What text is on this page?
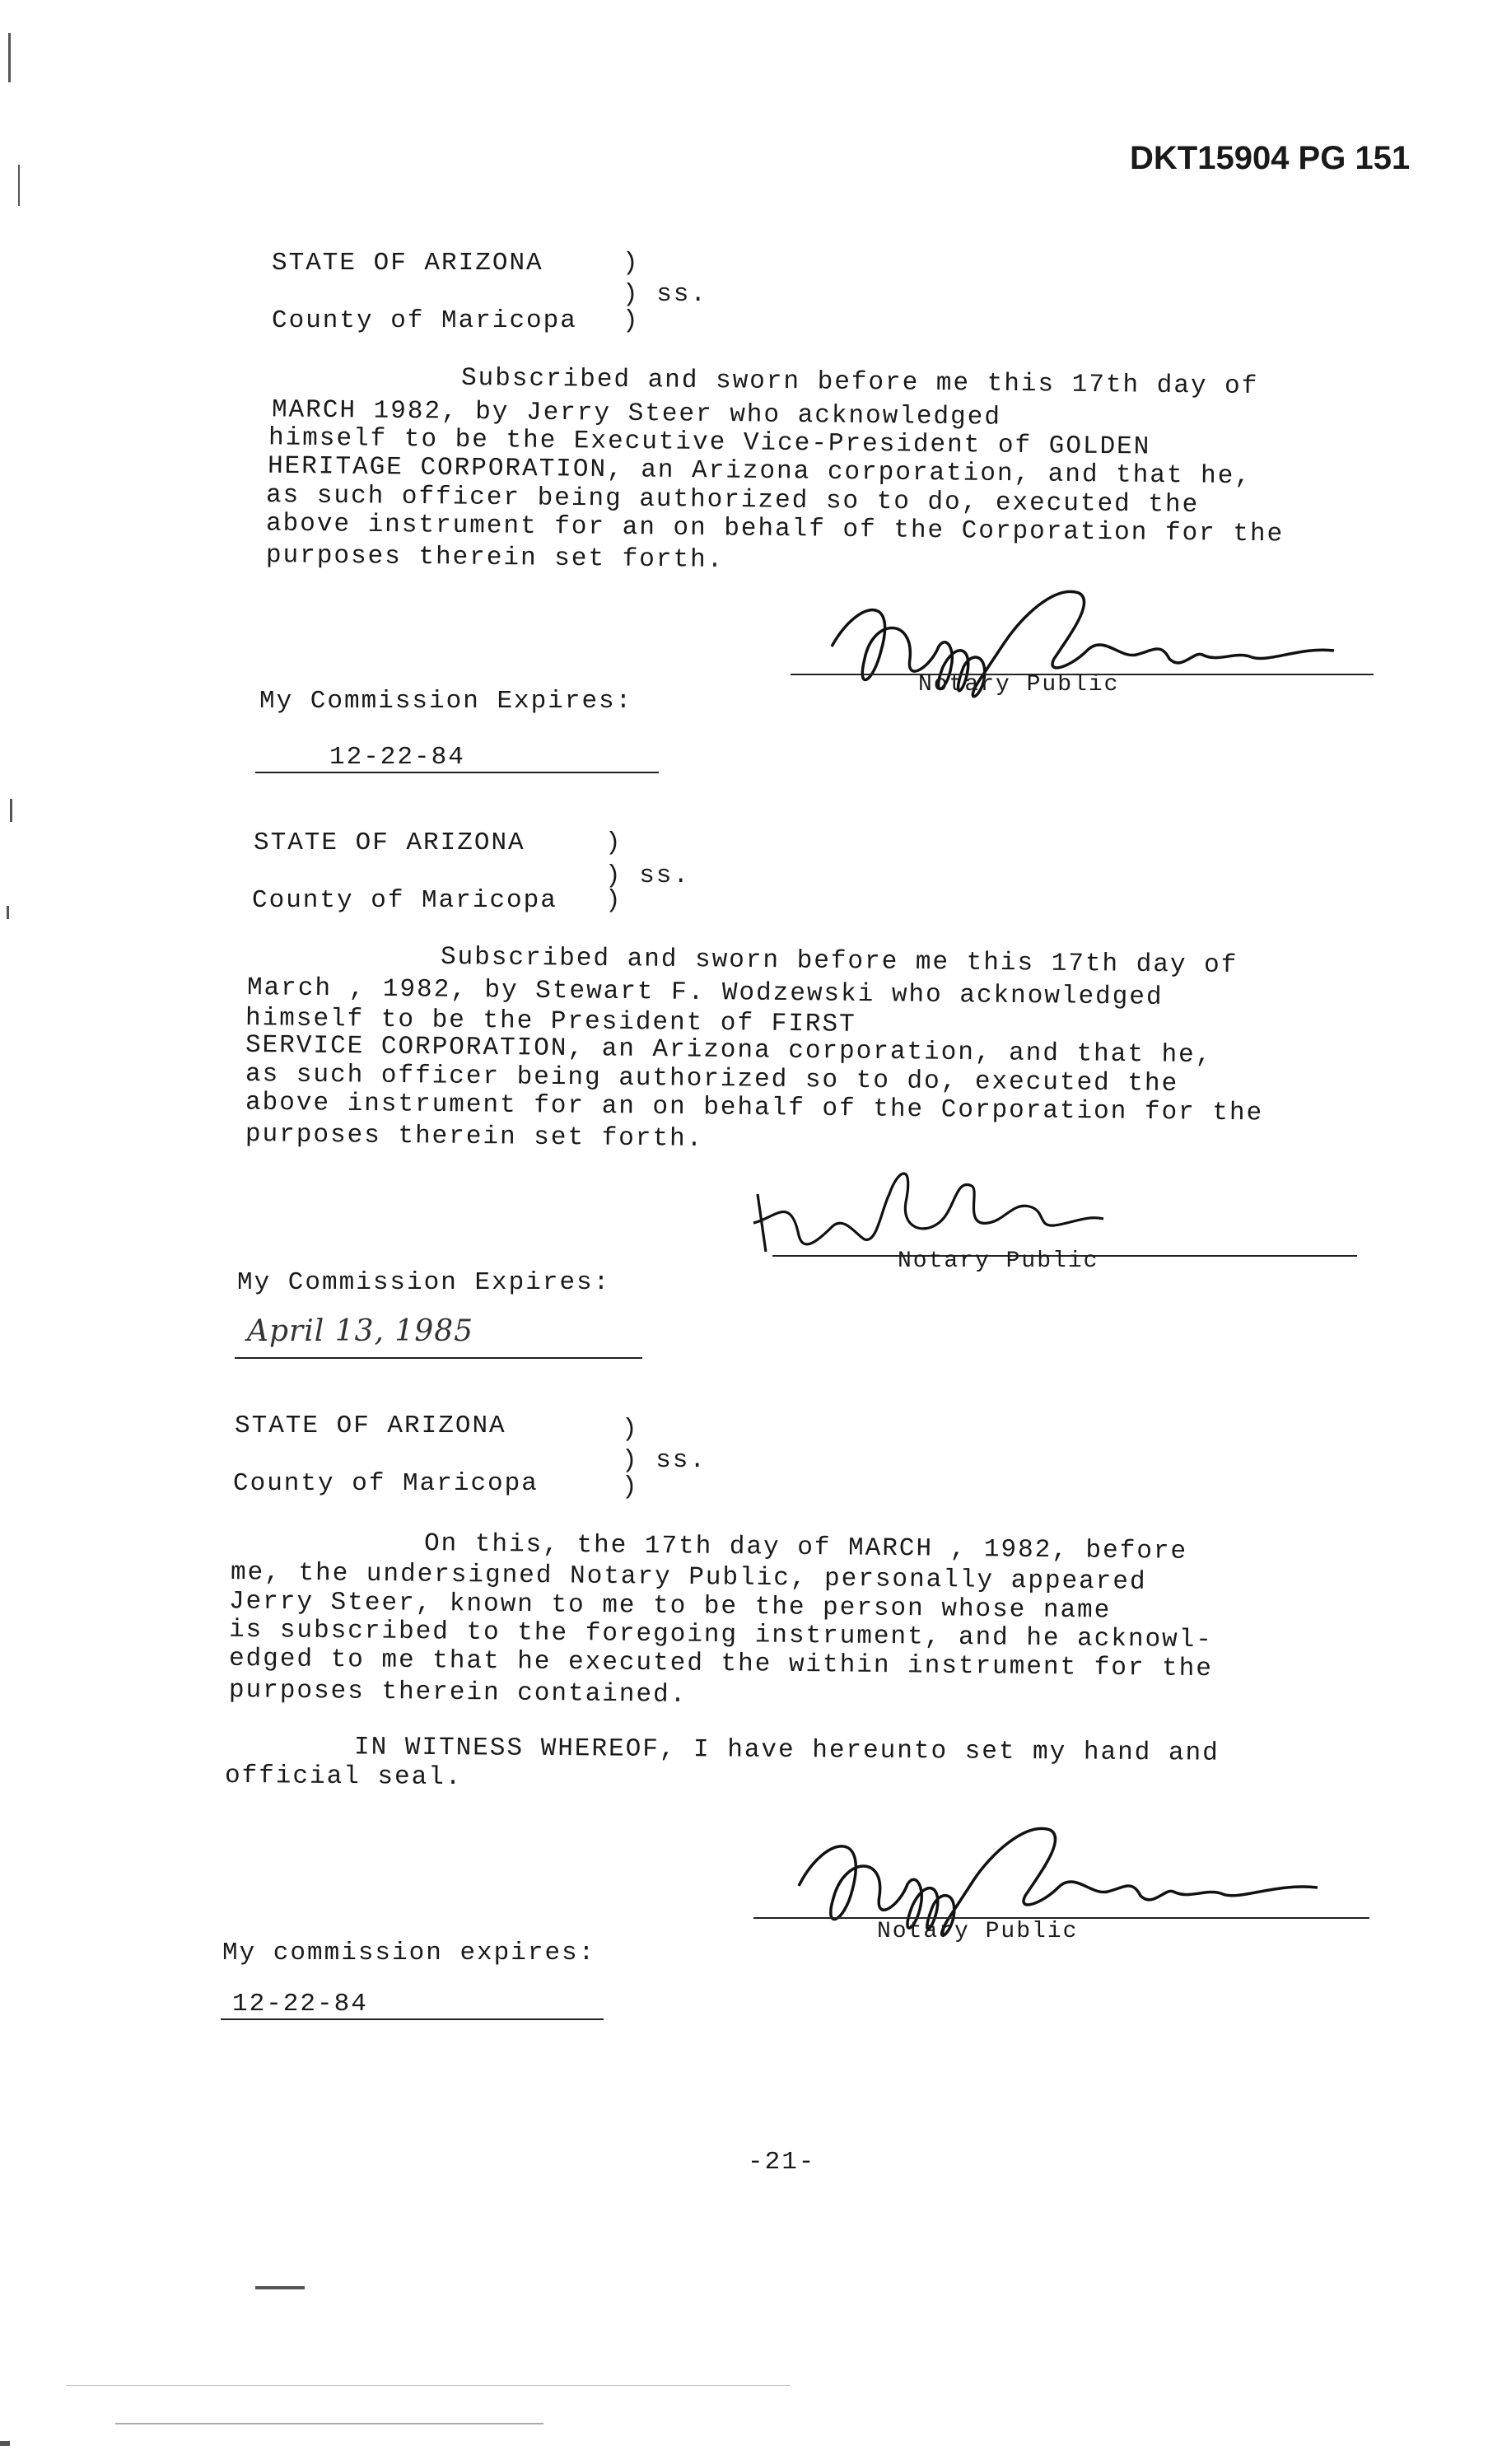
DKT15904 PG 151
STATE OF ARIZONA	)
) ss.
County of Maricopa )
Subscribed and sworn before me this 17th day of
MARCH 1982, by Jerry Steer who acknowledged
himself to be the Executive Vice-President of GOLDEN
HERITAGE CORPORATION, an Arizona corporation, and that he,
as such officer being authorized so to do, executed the
above instrument for an on behalf of the Corporation for the
purposes therein set forth.
Notary Public
My Commission Expires:
12-22-84
STATE OF ARIZONA	)
) ss.
County of Maricopa )
Subscribed and sworn before me this 17th day of
March , 1982, by Stewart F. Wodzewski who acknowledged
himself to be the President of FIRST
SERVICE CORPORATION, an Arizona corporation, and that he,
as such officer being authorized so to do, executed the
above instrument for an on behalf of the Corporation for the
purposes therein set forth.
Notary Public
My Commission Expires:
April 13, 1985
STATE OF ARIZONA	)
) ss.
County of Maricopa	)
On this, the 17th day of MARCH , 1982, before
me, the undersigned Notary Public, personally appeared
Jerry Steer, known to me to be the person whose name
is subscribed to the foregoing instrument, and he acknowl-
edged to me that he executed the within instrument for the
purposes therein contained.
IN WITNESS WHEREOF, I have hereunto set my hand and
official seal.
Notary Public
My commission expires:
12-22-84
-21-
